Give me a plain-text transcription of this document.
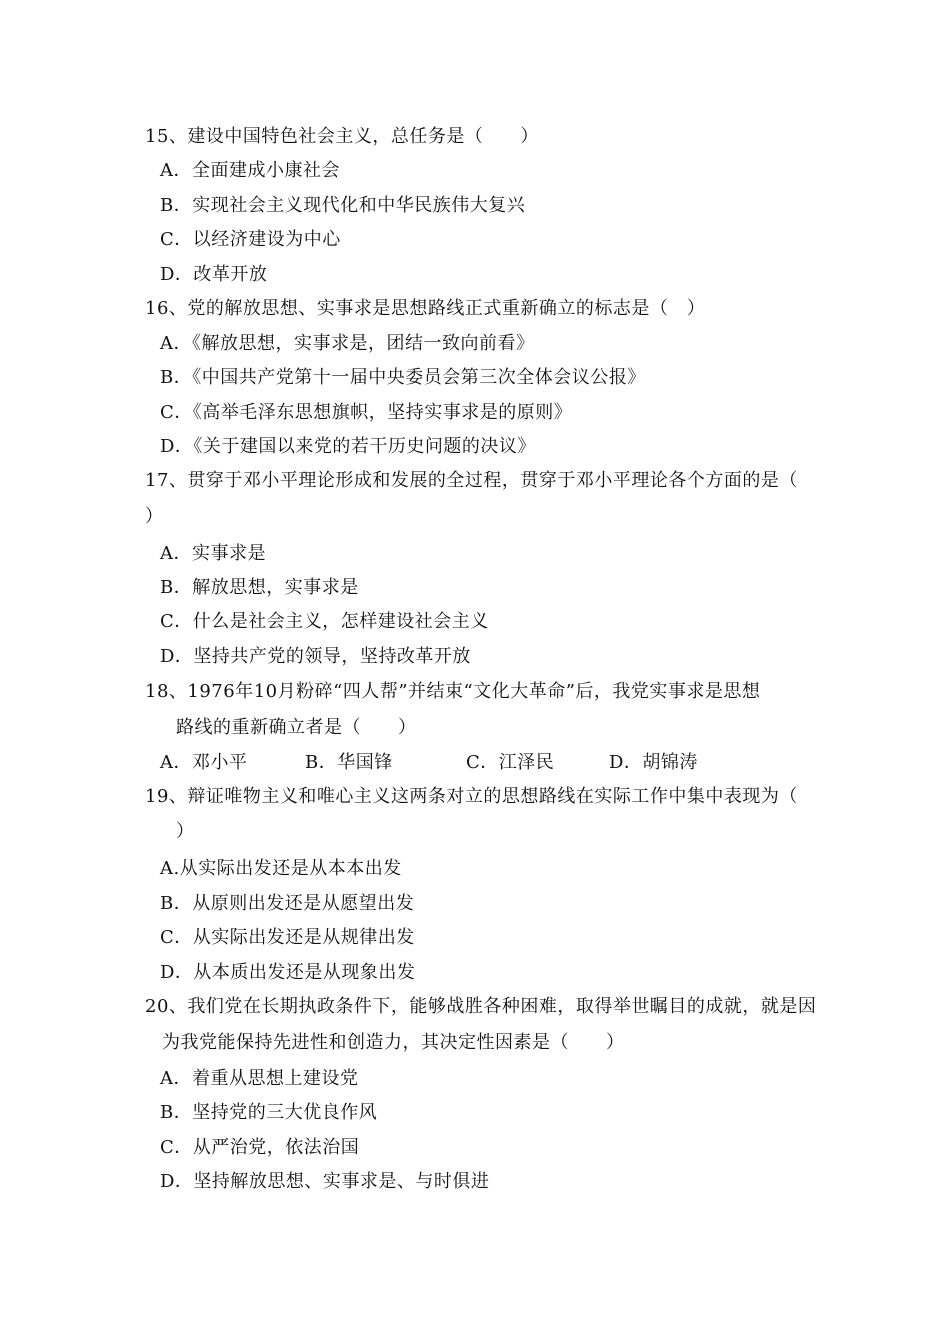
15、建设中国特色社会主义，总任务是（　　）
A．全面建成小康社会
B．实现社会主义现代化和中华民族伟大复兴
C．以经济建设为中心
D．改革开放
16、党的解放思想、实事求是思想路线正式重新确立的标志是（　）
A．《解放思想，实事求是，团结一致向前看》
B．《中国共产党第十一届中央委员会第三次全体会议公报》
C．《高举毛泽东思想旗帜，坚持实事求是的原则》
D．《关于建国以来党的若干历史问题的决议》
17、贯穿于邓小平理论形成和发展的全过程，贯穿于邓小平理论各个方面的是（
）
A．实事求是
B．解放思想，实事求是
C．什么是社会主义，怎样建设社会主义
D．坚持共产党的领导，坚持改革开放
18、1976年10月粉碎“四人帮”并结束“文化大革命”后，我党实事求是思想
路线的重新确立者是（　　）
A．邓小平	B．华国锋	C．江泽民	D．胡锦涛
19、辩证唯物主义和唯心主义这两条对立的思想路线在实际工作中集中表现为（
）
A.从实际出发还是从本本出发
B．从原则出发还是从愿望出发
C．从实际出发还是从规律出发
D．从本质出发还是从现象出发
20、我们党在长期执政条件下，能够战胜各种困难，取得举世瞩目的成就，就是因
为我党能保持先进性和创造力，其决定性因素是（　　）
A．着重从思想上建设党
B．坚持党的三大优良作风
C．从严治党，依法治国
D．坚持解放思想、实事求是、与时俱进
